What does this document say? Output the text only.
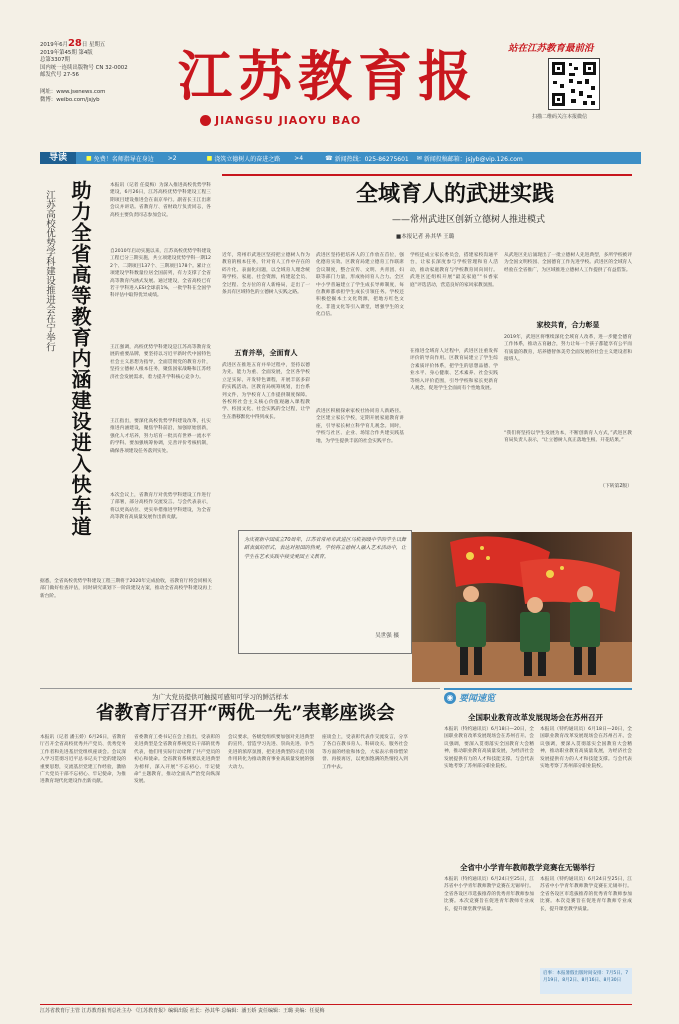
2019年6月28日 星期五
2019年第45期 第4版
总第3307期
国内统一连续出版物号 CN 32-0002
邮发代号 27-56
网址：www.jsenews.com
微博：weibo.com/jsjyb	江苏教育报
JIANGSU JIAOYU BAO
站在江苏教育最前沿
扫描二维码关注本报微信
导读	■ 免费！名师指导在身边 >2	■ 浇筑立德树人的奋进之路 >4	☎ 新闻热线：025-86275601 ✉ 新闻投稿邮箱：jsjyb@vip.126.com
助力全省高等教育内涵建设进入快车道
江苏高校优势学科建设推进会在宁举行

本报讯（记者 任夏梅）为深入推进高校优势学科建设，6月26日，江苏高校优势学科建设工程三期项目建设推进会在南京举行。副省长王江出席会议并讲话。省教育厅、省财政厅负责同志，各高校主要负责同志参加会议。

自2010年启动实施以来，江苏高校优势学科建设工程已分三期实施，共立项建设优势学科一期122个、二期项目137个、三期项目178个。累计立项建设学科数量位居全国前列，有力支撑了全省高等教育内涵式发展。通过建设，全省高校已有若干学科进入ESI全球前1%，一批学科在全国学科评估中取得优异成绩。

王江强调，高校优势学科建设是江苏高等教育发展的重要品牌，要坚持以习近平新时代中国特色社会主义思想为指导，全面贯彻党的教育方针，坚持立德树人根本任务，聚焦国家战略和江苏经济社会发展需求，着力提升学科核心竞争力。

王江指出，要深化高校优势学科建设改革，扎实推进内涵建设，聚焦学科前沿，加强原始创新，强化人才培养，努力培育一批具有世界一流水平的学科。要加强统筹协调，完善评价考核机制，确保各项建设任务落到实处。

本次会议上，省教育厅对优势学科建设工作进行了部署，部分高校作交流发言。与会代表表示，将以更高站位、更实举措推进学科建设，为全省高等教育高质量发展作出新贡献。

据悉，全省高校优势学科建设工程三期将于2020年完成验收，省教育厅将会同相关部门做好检查评估，同时研究谋划下一阶段建设方案，推动全省高校学科建设再上新台阶。

全域育人的武进实践
——常州武进区创新立德树人推进模式
■本报记者 孙其华 王璐

近年，常州市武进区坚持把立德树人作为教育的根本任务，针对育人工作中存在的碎片化、表面化问题，以全域育人理念统筹学校、家庭、社会资源，构建起全员、全过程、全方位的育人新格局，走出了一条具有区域特色的立德树人实践之路。

五育并举，全面育人

武进区在推进五育并举过程中，坚持以德为先、能力为重、全面发展，全区各学校立足实际，开发特色课程，开展丰富多彩的实践活动。区教育局统筹规划，出台系列文件，为学校育人工作提供制度保障。各校将社会主义核心价值观融入课程教学、校园文化、社会实践的全过程，让学生在潜移默化中得到成长。

武进区坚持把培养人的工作放在首位，强化德育实效。区教育局建立德育工作联席会议制度，整合宣传、文明、共青团、妇联等部门力量，形成协同育人合力。全区中小学普遍建立了学生成长导师制度，每位教师都承担学生成长引领任务。学校还积极挖掘本土文化资源，把地方红色文化、非遗文化等引入课堂，增强学生的文化自信。

武进区积极探索家校社协同育人新路径。全区建立家长学校，定期开展家庭教育讲座，引导家长树立科学育儿观念。同时，学校与社区、企业、场馆合作共建实践基地，为学生提供丰富的社会实践平台。

学校还成立家长委员会，搭建家校沟通平台，让家长深度参与学校管理和育人活动，推动家庭教育与学校教育同向同行。武进区还组织开展“最美家庭”“书香家庭”评选活动，营造良好的家风家教氛围。

在推进全域育人过程中，武进区注重发挥评价的导向作用。区教育局建立了学生综合素质评价体系，把学生的思想品德、学业水平、身心健康、艺术素养、社会实践等纳入评价范围，引导学校和家长更新育人观念，促进学生全面而有个性地发展。

从武进区先后涌现出了一批立德树人先进典型，多所学校被评为全国文明校园、全国德育工作先进学校。武进区的全域育人经验在全省推广，为区域推进立德树人工作提供了有益借鉴。

家校共育，合力彰显

2019年，武进区将继续深化全域育人改革，进一步健全德育工作体系，推动五育融合，努力让每一个孩子都能享有公平而有质量的教育，培养德智体美劳全面发展的社会主义建设者和接班人。

“我们将坚持以学生发展为本，不断创新育人方式，”武进区教育局负责人表示，“让立德树人真正落地生根、开花结果。”

（下转第2版）

为庆祝新中国成立70周年，江苏省常州市武进区马杭初级中学的学生以舞蹈表演的形式，表达对祖国的热爱，学校将立德树人融入艺术活动中，让学生在艺术实践中接受爱国主义教育。

吴世强 摄
为广大党员提供可触摸可感知可学习的鲜活样本
省教育厅召开“两优一先”表彰座谈会

本报讯（记者 潘玉娇）6月26日，省教育厅召开全省高校优秀共产党员、优秀党务工作者和先进基层党组织座谈会。会议深入学习贯彻习近平总书记关于党的建设的重要思想，交流基层党建工作经验，激励广大党员干部不忘初心、牢记使命，为推进教育现代化建设作出新贡献。

省委教育工委书记在会上指出，受表彰的先进典型是全省教育系统党员干部的优秀代表，他们用实际行动诠释了共产党员的初心和使命。全省教育系统要以先进典型为榜样，深入开展“不忘初心、牢记使命”主题教育，推动全面从严治党向纵深发展。

会议要求，各级党组织要加强对先进典型的宣传，营造学习先进、崇尚先进、争当先进的浓厚氛围，把先进典型的示范引领作用转化为推动教育事业高质量发展的强大动力。

座谈会上，受表彰代表作交流发言，分享了各自在教书育人、科研攻关、服务社会等方面的经验和体会，大家表示将珍惜荣誉、再接再厉，以更加饱满的热情投入到工作中去。

◉ 要闻速览
全国职业教育改革发展现场会在苏州召开

本报讯（特约通讯员）6月18日—20日，全国职业教育改革发展现场会在苏州召开。会议强调，要深入贯彻落实全国教育大会精神，推动职业教育高质量发展，为经济社会发展提供有力的人才和技能支撑。与会代表实地考察了苏州部分职业院校。

本报讯（特约通讯员）6月18日—20日，全国职业教育改革发展现场会在苏州召开。会议强调，要深入贯彻落实全国教育大会精神，推动职业教育高质量发展，为经济社会发展提供有力的人才和技能支撑。与会代表实地考察了苏州部分职业院校。

全省中小学青年教师教学竞赛在无锡举行

本报讯（特约通讯员）6月24日至25日，江苏省中小学青年教师教学竞赛在无锡举行。全省各设区市选拔推荐的优秀青年教师参加比赛。本次竞赛旨在促进青年教师专业成长，提升课堂教学质量。

本报讯（特约通讯员）6月24日至25日，江苏省中小学青年教师教学竞赛在无锡举行。全省各设区市选拔推荐的优秀青年教师参加比赛。本次竞赛旨在促进青年教师专业成长，提升课堂教学质量。

启事：本报暑假出版时间安排：7月5日、7月19日、8月2日、8月16日、8月30日

江苏省教育厅主管 江苏教育报刊总社主办 《江苏教育报》编辑出版 社长：孙其华 总编辑：潘玉娇 责任编辑：王璐 美编：任夏梅
